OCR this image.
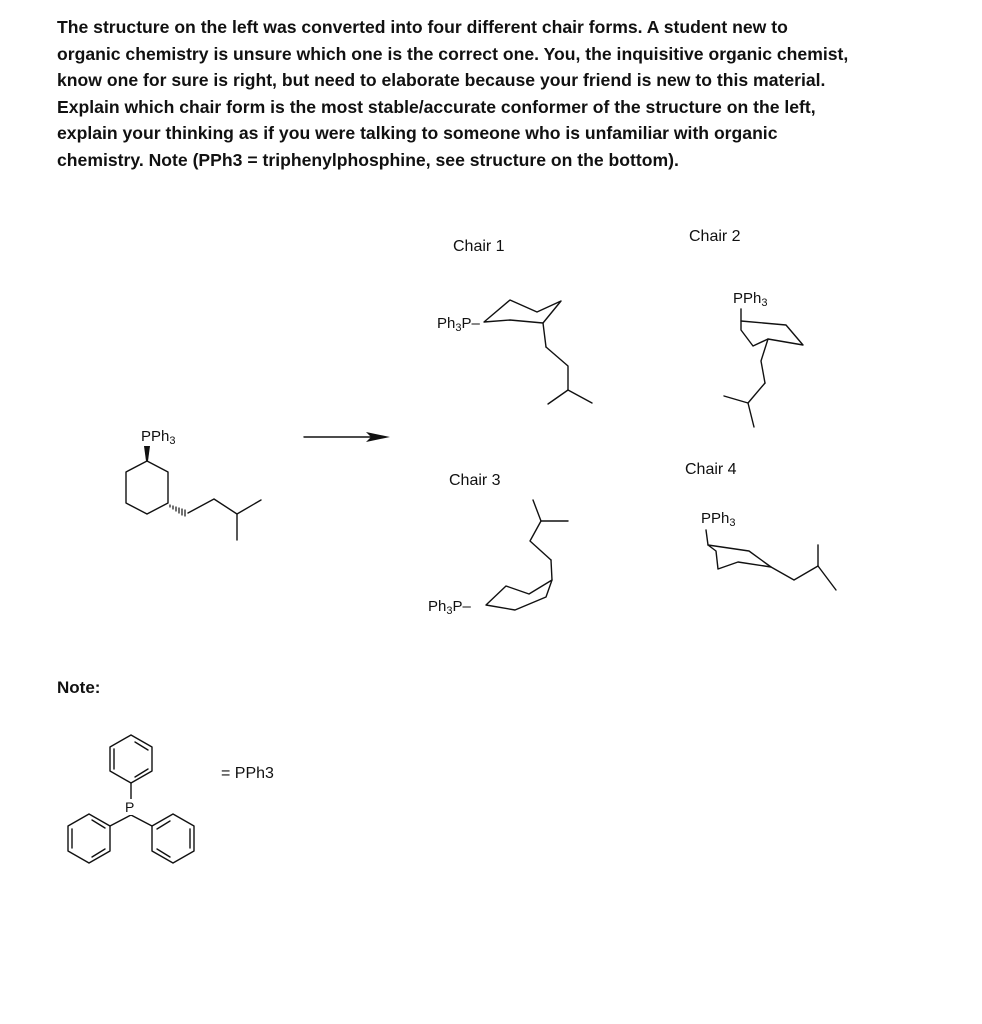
The structure on the left was converted into four different chair forms. A student new to
organic chemistry is unsure which one is the correct one. You, the inquisitive organic chemist,
know one for sure is right, but need to elaborate because your friend is new to this material.
Explain which chair form is the most stable/accurate conformer of the structure on the left,
explain your thinking as if you were talking to someone who is unfamiliar with organic
chemistry. Note (PPh3 = triphenylphosphine, see structure on the bottom).
PPh$_3$
Chair 1
Chair 2
Chair 3
Chair 4
$Ph_3P-$
PPh$_3$
$Ph_3P-$
PPh$_3$
Note:
P
= PPh3
